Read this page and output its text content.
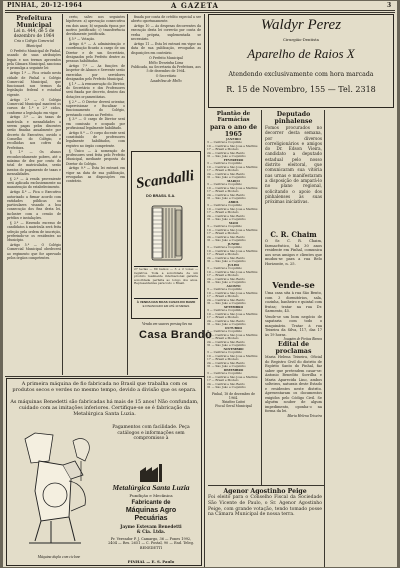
PINHAL, 20-12-1964	A GAZETA	3
Prefeitura Municipal
Lei n. 444, de 5 de dezembro de 1964
Cria o Colégio Comercial Municipal

O Prefeito Municipal de Pinhal, usando de suas atribuições legais e nos termos aprovados pela Câmara Municipal, sanciona e promulga a seguinte lei:

Artigo 1.º — Fica criado nesta cidade de Pinhal o Colégio Comercial Municipal, que funcionará nos termos da legislação federal e estadual vigente.

Artigo 2.º — O Colégio Comercial Municipal manterá os cursos de 1.º e 2.º ciclos, conforme a legislação em vigor.

Artigo 3.º — As taxas de matrícula e mensalidades a serem pagas pelos discentes serão fixadas anualmente por decreto do Executivo, ouvido o Conselho do Colégio, e recolhidas aos cofres da Prefeitura.

§ 1.º — Os alunos reconhecidamente pobres, até o máximo de dez por cento do total de matriculados, serão isentos do pagamento de taxas e mensalidades.

§ 2.º — A renda proveniente será aplicada exclusivamente na manutenção do estabelecimento.

Artigo 4.º — Fica o Executivo autorizado a firmar acordo com entidades públicas ou particulares visando a boa consecução dos fins desta lei, inclusive com a cessão de prédios e instalações.

§ 3.º — Havendo excesso de candidatos à matrícula será feita seleção pela ordem de inscrição, preferindo-se os residentes no Município.

Artigo 5.º — O Colégio Comercial Municipal obedecerá ao regimento que for aprovado pelos órgãos competentes.

certo, salvo nos seguintes hipóteses: a) aprovação consecutiva em dois anos; b) segunda época por motivo justificado; c) transferência devidamente justificada.

§ 5.º — Votação.

Artigo 6.º — A administração e coordenação ficarão a cargo de um Diretor e de um Secretário, designados pelo Prefeito dentre as pessoas habilitadas.

Artigo 7.º — As funções de Inspetor de Alunos e Servente serão exercidas por servidores designados pelo Prefeito Municipal.

§ 1.º — A remuneração do Diretor, do Secretário e dos Professores será fixada por decreto, dentro das dotações orçamentárias.

§ 2.º — O Diretor deverá orientar, supervisionar e fiscalizar o funcionamento do Colégio, prestando contas ao Prefeito.

§ 3.º — O cargo de Diretor será em comissão e ocupado por profissional legalmente habilitado.

Artigo 8.º — O corpo docente será constituído de professores legalmente habilitados, com registro no órgão competente.

§ Único — A nomeação de professores será feita pelo Prefeito Municipal, mediante proposta do Diretor do Colégio.

Artigo 9.º — Esta lei entrará em vigor na data de sua publicação, revogadas as disposições em contrário.

fixada por conta de crédito especial a ser aberto oportunamente.

Artigo 10 — As despesas decorrentes da execução desta lei correrão por conta de verba própria, suplementada se necessário.

Artigo 11 — Esta lei entrará em vigor na data de sua publicação, revogadas as disposições em contrário.

O Prefeito Municipal
Hélio Terezinha Lima
Publicada, na Secretaria da Prefeitura, aos 5 de dezembro de 1964.
O Secretário
Laudelina de Mello
Scandalli
DO BRASIL S.A.
27 teclas — 80 baixos — 3 + 2 vozes — registros. Toda a sonoridade de um produto realmente internacional garante sonoridade perfeita ao longo dos anos. Representantes para todo o Brasil.
À VENDA NAS BOAS CASAS DO RAMO
E FINANCIADO EM ATÉ 10 MESES
Venda em suaves prestações na
Casa Brando
Waldyr Perez
Cirurgião-Dentista
Aparelho de Raios X
Atendendo exclusivamente com hora marcada
R. 15 de Novembro, 155 — Tel. 2318
Plantão de Farmácias
para o ano de 1965
JANEIRO
3 — Central e Coquinho
10 — Central e São José e Martins
17 — Brasil e Modelo
24 — Central e São Bento
31 — São João e Coquinho
FEVEREIRO
3 — Central e Coquinho
10 — Central e São José e Martins
17 — Brasil e Modelo
24 — Central e São Bento
31 — São João e Coquinho
MARÇO
3 — Central e Coquinho
10 — Central e São José e Martins
17 — Brasil e Modelo
24 — Central e São Bento
31 — São João e Coquinho
ABRIL
3 — Central e Coquinho
10 — Central e São José e Martins
17 — Brasil e Modelo
24 — Central e São Bento
31 — São João e Coquinho
MAIO
3 — Central e Coquinho
10 — Central e São José e Martins
17 — Brasil e Modelo
24 — Central e São Bento
31 — São João e Coquinho
JUNHO
3 — Central e Coquinho
10 — Central e São José e Martins
17 — Brasil e Modelo
24 — Central e São Bento
31 — São João e Coquinho
JULHO
3 — Central e Coquinho
10 — Central e São José e Martins
17 — Brasil e Modelo
24 — Central e São Bento
31 — São João e Coquinho
AGOSTO
3 — Central e Coquinho
10 — Central e São José e Martins
17 — Brasil e Modelo
24 — Central e São Bento
31 — São João e Coquinho
SETEMBRO
3 — Central e Coquinho
10 — Central e São José e Martins
17 — Brasil e Modelo
24 — Central e São Bento
31 — São João e Coquinho
OUTUBRO
3 — Central e Coquinho
10 — Central e São José e Martins
17 — Brasil e Modelo
24 — Central e São Bento
31 — São João e Coquinho
NOVEMBRO
3 — Central e Coquinho
10 — Central e São José e Martins
17 — Brasil e Modelo
24 — Central e São Bento
31 — São João e Coquinho
DEZEMBRO
3 — Central e Coquinho
10 — Central e São José e Martins
17 — Brasil e Modelo
24 — Central e São Bento
31 — São João e Coquinho
Pinhal, 18 de dezembro de 1964.
Natalino Latini
Fiscal Geral Municipal
Deputado pinhalense
Fomos procurados no decorrer desta semana, por diversos correligionários e amigos do Dr. Edson Vieira, candidato a deputado estadual pelo nosso distrito eleitoral, que comunicaram sua vitória nas urnas e manifestaram a disposição de ampará-lo no plano regional, solicitando o apoio dos pinhalenses às suas próximas iniciativas.
C. R. Chaim
O Sr. C. R. Chaim, farmacêutico, há 30 anos residente em Pinhal, comunica aos seus amigos e clientes que mudou-se para a rua Belo Horizonte, n. 25.
Vende-se
Uma casa sita à rua São Bento, com 3 dormitórios, sala, cozinha, banheiro e quintal com frutas; tratar na rua Dr. Sarmento, 45.
Vende-se um bom negócio de sapataria com todo o maquinário. Tratar à rua Teixeira da Silva, 117, das 17 às 19 horas.
Joaquim de Freitas Ramos
Edital de proclamas
Maria Helena Teixeira, Oficial do Registro Civil do distrito de Espírito Santo do Pinhal, faz saber que pretendem casar-se: Antonio Benedito Sorrilha e Maria Aparecida Lino, ambos solteiros, naturais deste Estado e residentes neste distrito. Apresentaram os documentos exigidos pelo Código Civil. Se alguém souber de algum impedimento, oponha-o na forma da lei.
Maria Helena Teixeira
Agenor Agostinho Peige
Foi eleito para o Conselho Fiscal da Sociedade São Vicente de Paulo, o Sr. Agenor Agostinho Peige, com grande votação, tendo tomado posse na Câmara Municipal de nossa terra.
A primeira máquina de fio fabricada no Brasil que trabalha com os produtos secos e verdes no mesmo tempo, devido a divisão que os separa.
As máquinas Benedetti são fabricadas há mais de 15 anos! Não confundam, cuidado com as imitações inferiores. Certifique-se se é fabricação da Metalúrgica Santa Luzia.
Máquina dupla com ciclone
Pagamentos com facilidade. Peça catálogos e informações sem compromisso à
Metalúrgica Santa Luzia
Fundição e Mecânica
Fabricante de
Máquinas Agro
Pecuárias
Jayme Estevam Benedetti
& Cia. Ltda.
Pr. Vereador P. J. Camargo, 36 — Fones 1992, 2404 — Res. 2651 — C. Postal, 90 — End. Teleg. BENEDETTI
PINHAL — E. S. Paulo
